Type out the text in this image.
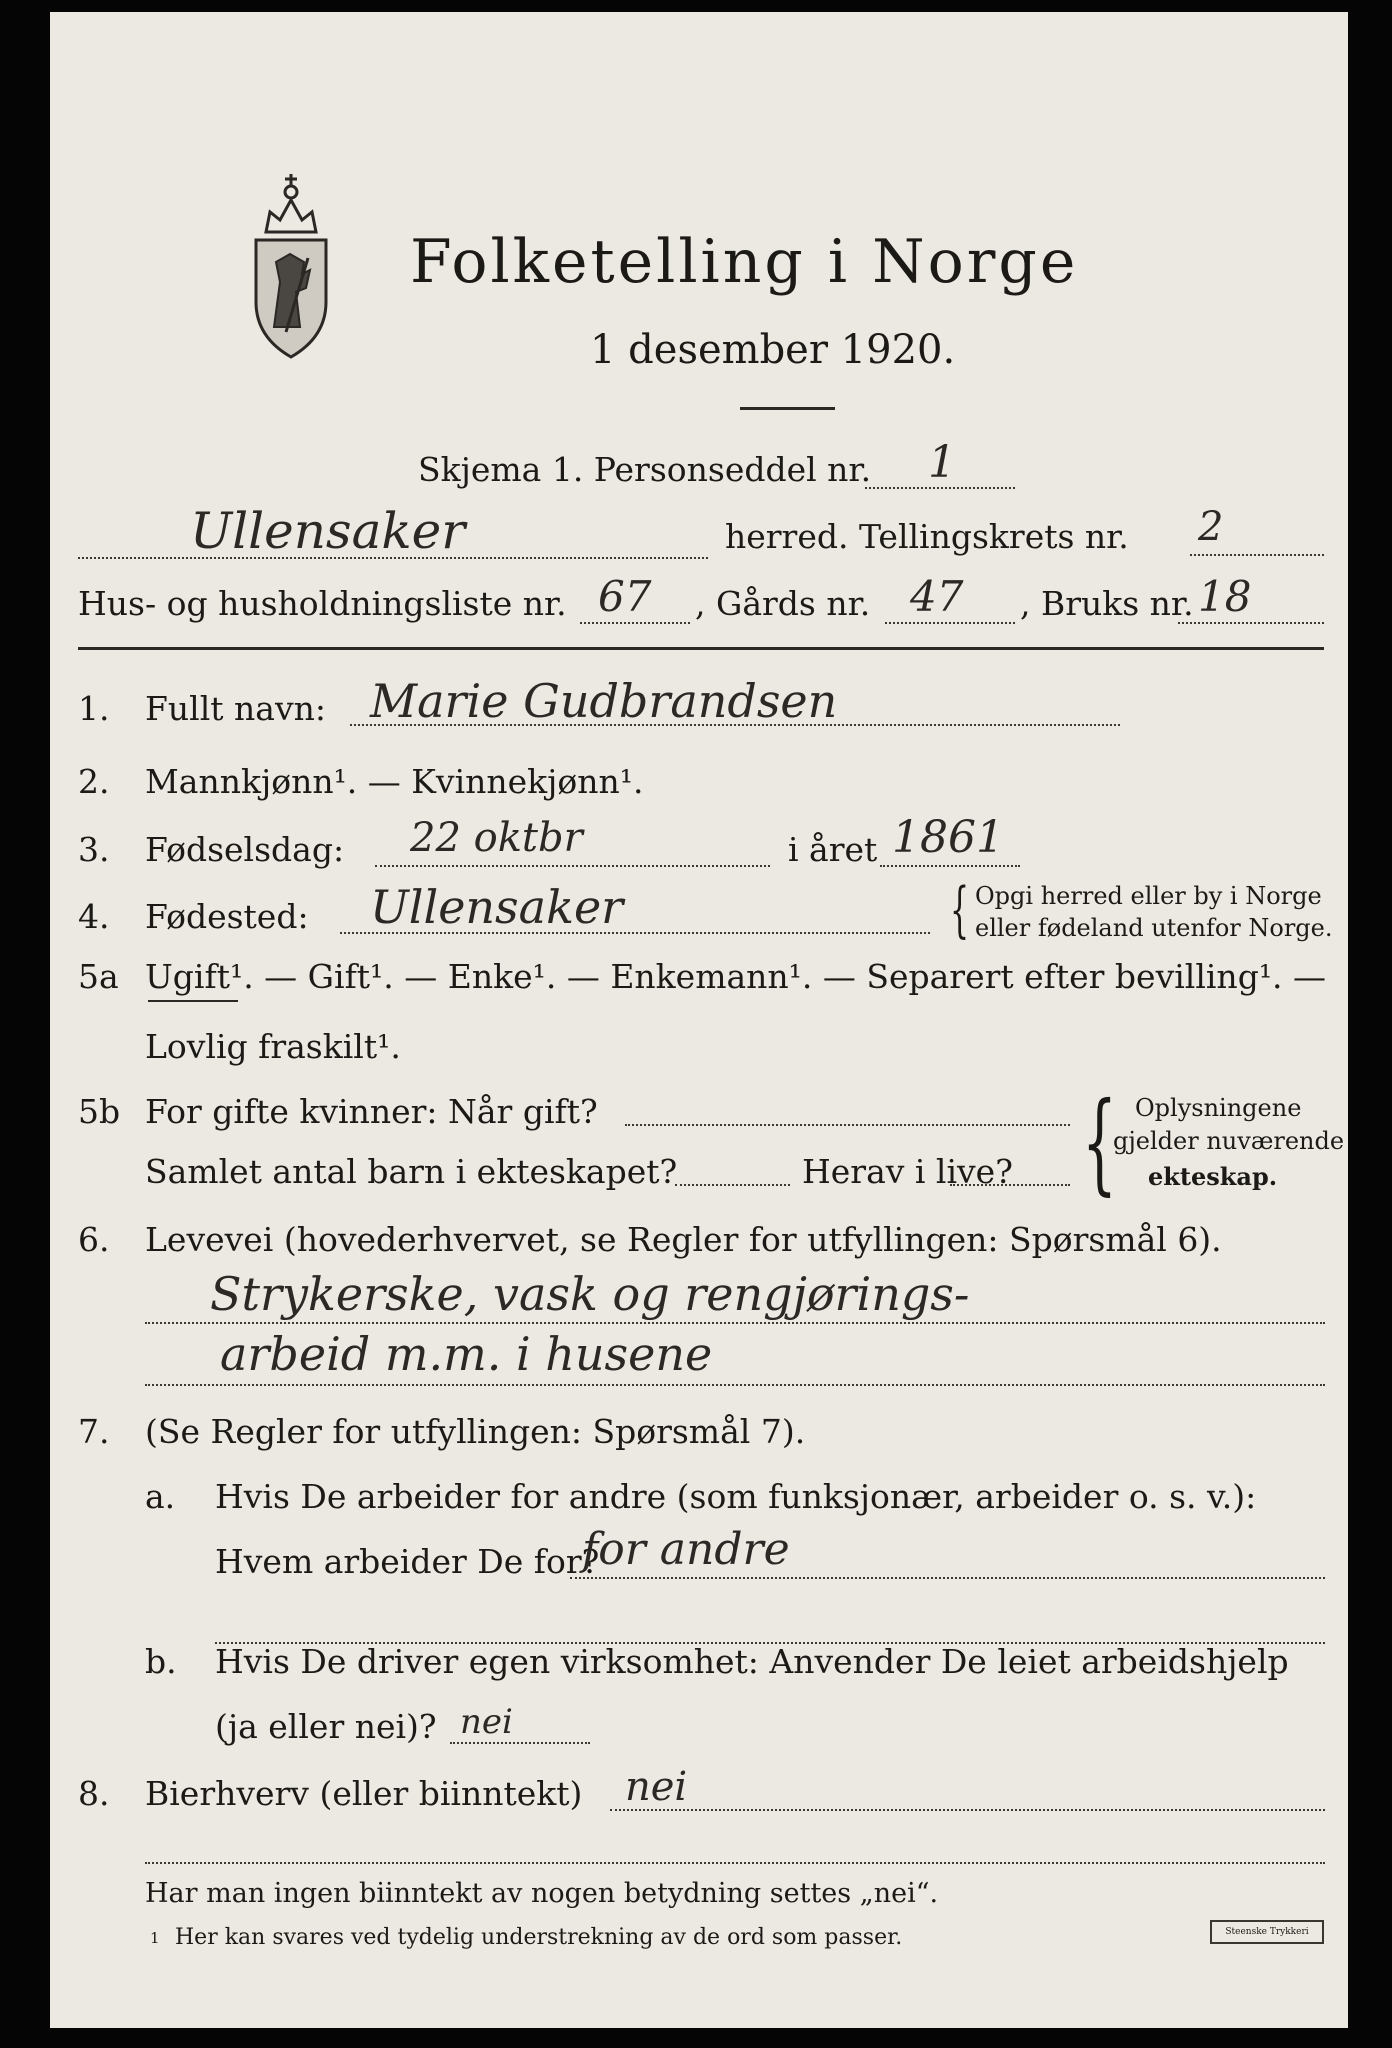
Folketelling i Norge
1 desember 1920.
Skjema 1. Personseddel nr. 1
Ullensaker	herred. Tellingskrets nr. 2
Hus- og husholdningsliste nr. 67 , Gårds nr. 47 , Bruks nr. 18
1. Fullt navn: Marie Gudbrandsen
2. Mannkjønn¹. — Kvinnekjønn¹.
3. Fødselsdag: 22 oktbr	i året 1861
4. Fødested: Ullensaker	{ Opgi herred eller by i Norge
eller fødeland utenfor Norge.
5a Ugift¹. — Gift¹. — Enke¹. — Enkemann¹. — Separert efter bevilling¹. —
Lovlig fraskilt¹.
5b For gifte kvinner: Når gift?
Samlet antal barn i ekteskapet?	Herav i live? { Oplysningene
gjelder nuværende
ekteskap.
6. Levevei (hovederhvervet, se Regler for utfyllingen: Spørsmål 6).
Strykerske, vask og rengjørings-
arbeid m.m. i husene
7. (Se Regler for utfyllingen: Spørsmål 7).
a. Hvis De arbeider for andre (som funksjonær, arbeider o. s. v.):
Hvem arbeider De for?
for andre
b. Hvis De driver egen virksomhet: Anvender De leiet arbeidshjelp
(ja eller nei)? nei
8. Bierhverv (eller biinntekt) nei
Har man ingen biinntekt av nogen betydning settes „nei“.
1 Her kan svares ved tydelig understrekning av de ord som passer.	Steenske Trykkeri
